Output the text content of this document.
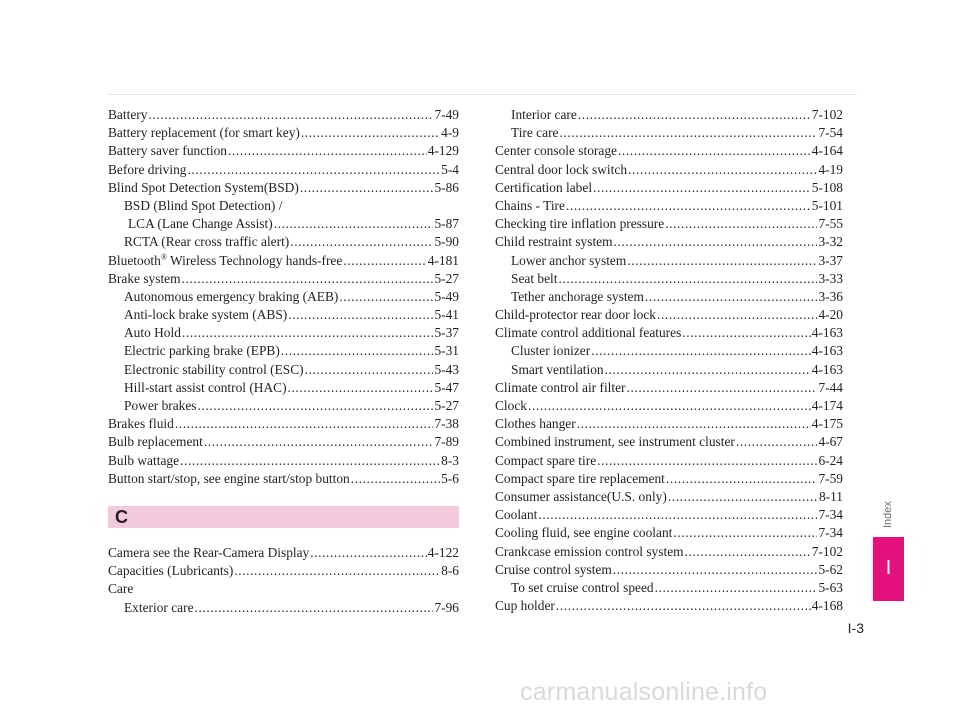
Battery .....	7-49
Battery replacement (for smart key) .....	4-9
Battery saver function .....	4-129
Before driving .....	5-4
Blind Spot Detection System(BSD) .....	5-86
BSD (Blind Spot Detection) /
LCA (Lane Change Assist) .....	5-87
RCTA (Rear cross traffic alert) .....	5-90
Bluetooth® Wireless Technology hands-free .....	4-181
Brake system .....	5-27
Autonomous emergency braking (AEB) .....	5-49
Anti-lock brake system (ABS) .....	5-41
Auto Hold .....	5-37
Electric parking brake (EPB) .....	5-31
Electronic stability control (ESC) .....	5-43
Hill-start assist control (HAC) .....	5-47
Power brakes .....	5-27
Brakes fluid .....	7-38
Bulb replacement .....	7-89
Bulb wattage .....	8-3
Button start/stop, see engine start/stop button .....	5-6
C
Camera see the Rear-Camera Display .....	4-122
Capacities (Lubricants) .....	8-6
Care
Exterior care .....	7-96
Interior care .....	7-102
Tire care .....	7-54
Center console storage .....	4-164
Central door lock switch .....	4-19
Certification label .....	5-108
Chains - Tire .....	5-101
Checking tire inflation pressure .....	7-55
Child restraint system .....	3-32
Lower anchor system .....	3-37
Seat belt .....	3-33
Tether anchorage system .....	3-36
Child-protector rear door lock .....	4-20
Climate control additional features .....	4-163
Cluster ionizer .....	4-163
Smart ventilation .....	4-163
Climate control air filter .....	7-44
Clock .....	4-174
Clothes hanger .....	4-175
Combined instrument, see instrument cluster .....	4-67
Compact spare tire .....	6-24
Compact spare tire replacement .....	7-59
Consumer assistance(U.S. only) .....	8-11
Coolant .....	7-34
Cooling fluid, see engine coolant .....	7-34
Crankcase emission control system .....	7-102
Cruise control system .....	5-62
To set cruise control speed .....	5-63
Cup holder .....	4-168
Index
I
I-3
carmanualsonline.info
